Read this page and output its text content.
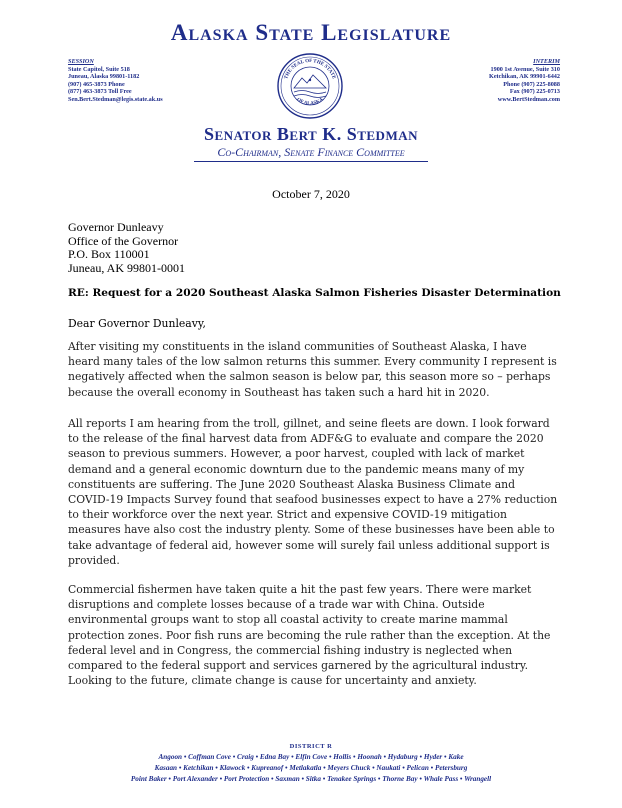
Alaska State Legislature
SESSION
State Capitol, Suite 518
Juneau, Alaska 99801-1182
(907) 465-3873 Phone
(877) 463-3873 Toll Free
Sen.Bert.Stedman@legis.state.ak.us
THE SEAL OF THE STATE
OF ALASKA
INTERIM
1900 1st Avenue, Suite 310
Ketchikan, AK 99901-6442
Phone (907) 225-8088
Fax (907) 225-0713
www.BertStedman.com
Senator Bert K. Stedman
Co-Chairman, Senate Finance Committee
October 7, 2020
Governor Dunleavy
Office of the Governor
P.O. Box 110001
Juneau, AK 99801-0001
RE: Request for a 2020 Southeast Alaska Salmon Fisheries Disaster Determination
Dear Governor Dunleavy,
After visiting my constituents in the island communities of Southeast Alaska, I have heard many tales of the low salmon returns this summer. Every community I represent is negatively affected when the salmon season is below par, this season more so – perhaps because the overall economy in Southeast has taken such a hard hit in 2020.
All reports I am hearing from the troll, gillnet, and seine fleets are down. I look forward to the release of the final harvest data from ADF&G to evaluate and compare the 2020 season to previous summers. However, a poor harvest, coupled with lack of market demand and a general economic downturn due to the pandemic means many of my constituents are suffering. The June 2020 Southeast Alaska Business Climate and COVID-19 Impacts Survey found that seafood businesses expect to have a 27% reduction to their workforce over the next year. Strict and expensive COVID-19 mitigation measures have also cost the industry plenty. Some of these businesses have been able to take advantage of federal aid, however some will surely fail unless additional support is provided.
Commercial fishermen have taken quite a hit the past few years. There were market disruptions and complete losses because of a trade war with China. Outside environmental groups want to stop all coastal activity to create marine mammal protection zones. Poor fish runs are becoming the rule rather than the exception. At the federal level and in Congress, the commercial fishing industry is neglected when compared to the federal support and services garnered by the agricultural industry. Looking to the future, climate change is cause for uncertainty and anxiety.
DISTRICT R
Angoon • Coffman Cove • Craig • Edna Bay • Elfin Cove • Hollis • Hoonah • Hydaburg • Hyder • Kake
Kasaan • Ketchikan • Klawock • Kupreanof • Metlakatla • Meyers Chuck • Naukati • Pelican • Petersburg
Point Baker • Port Alexander • Port Protection • Saxman • Sitka • Tenakee Springs • Thorne Bay • Whale Pass • Wrangell
